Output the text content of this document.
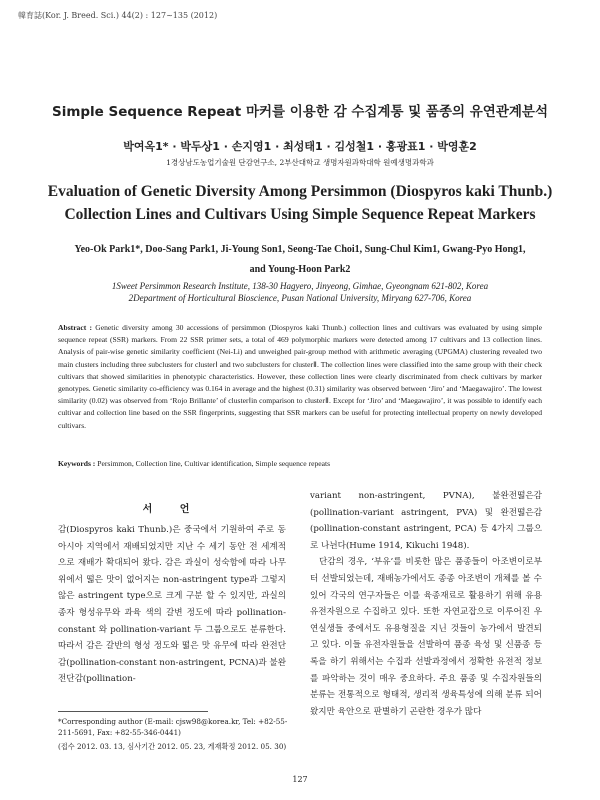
韓育誌(Kor. J. Breed. Sci.) 44(2) : 127~135 (2012)
Simple Sequence Repeat 마커를 이용한 감 수집계통 및 품종의 유연관계분석
박여옥1* · 박두상1 · 손지영1 · 최성태1 · 김성철1 · 홍광표1 · 박영훈2
1경상남도농업기술원 단감연구소, 2부산대학교 생명자원과학대학 원예생명과학과
Evaluation of Genetic Diversity Among Persimmon (Diospyros kaki Thunb.) Collection Lines and Cultivars Using Simple Sequence Repeat Markers
Yeo-Ok Park1*, Doo-Sang Park1, Ji-Young Son1, Seong-Tae Choi1, Sung-Chul Kim1, Gwang-Pyo Hong1,
and Young-Hoon Park2
1Sweet Persimmon Research Institute, 138-30 Hagyero, Jinyeong, Gimhae, Gyeongnam 621-802, Korea
2Department of Horticultural Bioscience, Pusan National University, Miryang 627-706, Korea
Abstract : Genetic diversity among 30 accessions of persimmon (Diospyros kaki Thunb.) collection lines and cultivars was evaluated by using simple sequence repeat (SSR) markers. From 22 SSR primer sets, a total of 469 polymorphic markers were detected among 17 cultivars and 13 collection lines. Analysis of pair-wise genetic similarity coefficient (Nei-Li) and unweighed pair-group method with arithmetic averaging (UPGMA) clustering revealed two main clusters including three subclusters for clusterⅠ and two subclusters for clusterⅡ. The collection lines were classified into the same group with their check cultivars that showed similarities in phenotypic characteristics. However, these collection lines were clearly discriminated from check cultivars by marker genotypes. Genetic similarity co-efficiency was 0.164 in average and the highest (0.31) similarity was observed between ‘Jiro’ and ‘Maegawajiro’. The lowest similarity (0.02) was observed from ‘Rojo Brillante’ of clusterⅠin comparison to clusterⅡ. Except for ‘Jiro’ and ‘Maegawajiro’, it was possible to identify each cultivar and collection line based on the SSR fingerprints, suggesting that SSR markers can be useful for protecting intellectual property on newly developed cultivars.
Keywords : Persimmon, Collection line, Cultivar identification, Simple sequence repeats
서 언

감(Diospyros kaki Thunb.)은 중국에서 기원하여 주로 동아시아 지역에서 재배되었지만 지난 수 세기 동안 전 세계적으로 재배가 확대되어 왔다. 감은 과실이 성숙함에 따라 나무 위에서 떫은 맛이 없어지는 non-astringent type과 그렇지 않은 astringent type으로 크게 구분 할 수 있지만, 과실의 종자 형성유무와 과육 색의 갈변 정도에 따라 pollination-constant 와 pollination-variant 두 그룹으로도 분류한다. 따라서 감은 갈반의 형성 정도와 떫은 맛 유무에 따라 완전단감(pollination-constant non-astringent, PCNA)과 불완전단감(pollination-

variant non-astringent, PVNA), 불완전떫은감(pollination-variant astringent, PVA) 및 완전떫은감(pollination-constant astringent, PCA) 등 4가지 그룹으로 나뉜다(Hume 1914, Kikuchi 1948).

단감의 경우, ‘부유’를 비롯한 많은 품종들이 아조변이로부터 선발되었는데, 재배농가에서도 종종 아조변이 개체를 볼 수 있어 각국의 연구자들은 이를 육종재료로 활용하기 위해 유용 유전자원으로 수집하고 있다. 또한 자연교잡으로 이루어진 우연실생들 중에서도 유용형질을 지닌 것들이 농가에서 발견되고 있다. 이들 유전자원들을 선발하여 품종 육성 및 신품종 등록을 하기 위해서는 수집과 선발과정에서 정확한 유전적 정보를 파악하는 것이 매우 중요하다. 주요 품종 및 수집자원들의 분류는 전통적으로 형태적, 생리적 생육특성에 의해 분류 되어왔지만 육안으로 판별하기 곤란한 경우가 많다

*Corresponding author (E-mail: cjsw98@korea.kr, Tel: +82-55-211-5691, Fax: +82-55-346-0441)
(접수 2012. 03. 13, 심사기간 2012. 05. 23, 게재확정 2012. 05. 30)
127
